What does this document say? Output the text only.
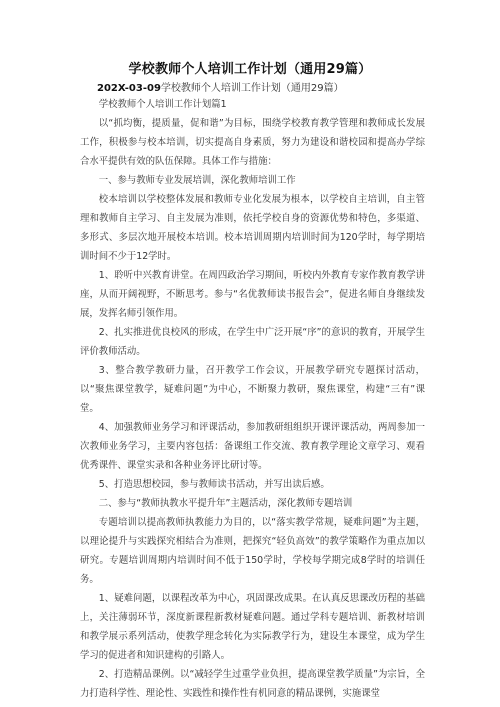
学校教师个人培训工作计划（通用29篇）
202X-03-09学校教师个人培训工作计划（通用29篇）

学校教师个人培训工作计划篇1

以“抓均衡，提质量，促和谐”为目标，围绕学校教育教学管理和教师成长发展工作，积极参与校本培训，切实提高自身素质，努力为建设和谐校园和提高办学综合水平提供有效的队伍保障。具体工作与措施：

一、参与教师专业发展培训，深化教师培训工作

校本培训以学校整体发展和教师专业化发展为根本，以学校自主培训，自主管理和教师自主学习、自主发展为准则，依托学校自身的资源优势和特色，多渠道、多形式、多层次地开展校本培训。校本培训周期内培训时间为120学时，每学期培训时间不少于12学时。

1、聆听中兴教育讲堂。在周四政治学习期间，听校内外教育专家作教育教学讲座，从而开阔视野，不断思考。参与“名优教师读书报告会”，促进名师自身继续发展，发挥名师引领作用。

2、扎实推进优良校风的形成，在学生中广泛开展“序”的意识的教育，开展学生评价教师活动。

3、整合教学教研力量，召开教学工作会议，开展教学研究专题探讨活动，以“聚焦课堂教学，疑难问题”为中心，不断聚力教研，聚焦课堂，构建“三有”课堂。

4、加强教师业务学习和评课活动，参加教研组组织开课评课活动，两周参加一次教师业务学习，主要内容包括：备课组工作交流、教育教学理论文章学习、观看优秀课件、课堂实录和各种业务评比研讨等。

5、打造思想校园，参与教师读书活动，并写出读后感。

二、参与“教师执教水平提升年”主题活动，深化教师专题培训

专题培训以提高教师执教能力为目的，以“落实教学常规，疑难问题”为主题，以理论提升与实践探究相结合为准则，把探究“轻负高效”的教学策略作为重点加以研究。专题培训周期内培训时间不低于150学时，学校每学期完成8学时的培训任务。

1、疑难问题，以课程改革为中心，巩固课改成果。在认真反思课改历程的基础上，关注薄弱环节，深度新课程新教材疑难问题。通过学科专题培训、新教材培训和教学展示系列活动，使教学理念转化为实际教学行为，建设生本课堂，成为学生学习的促进者和知识建构的引路人。

2、打造精品课例。以“减轻学生过重学业负担，提高课堂教学质量”为宗旨，全力打造科学性、理论性、实践性和操作性有机同意的精品课例，实施课堂
